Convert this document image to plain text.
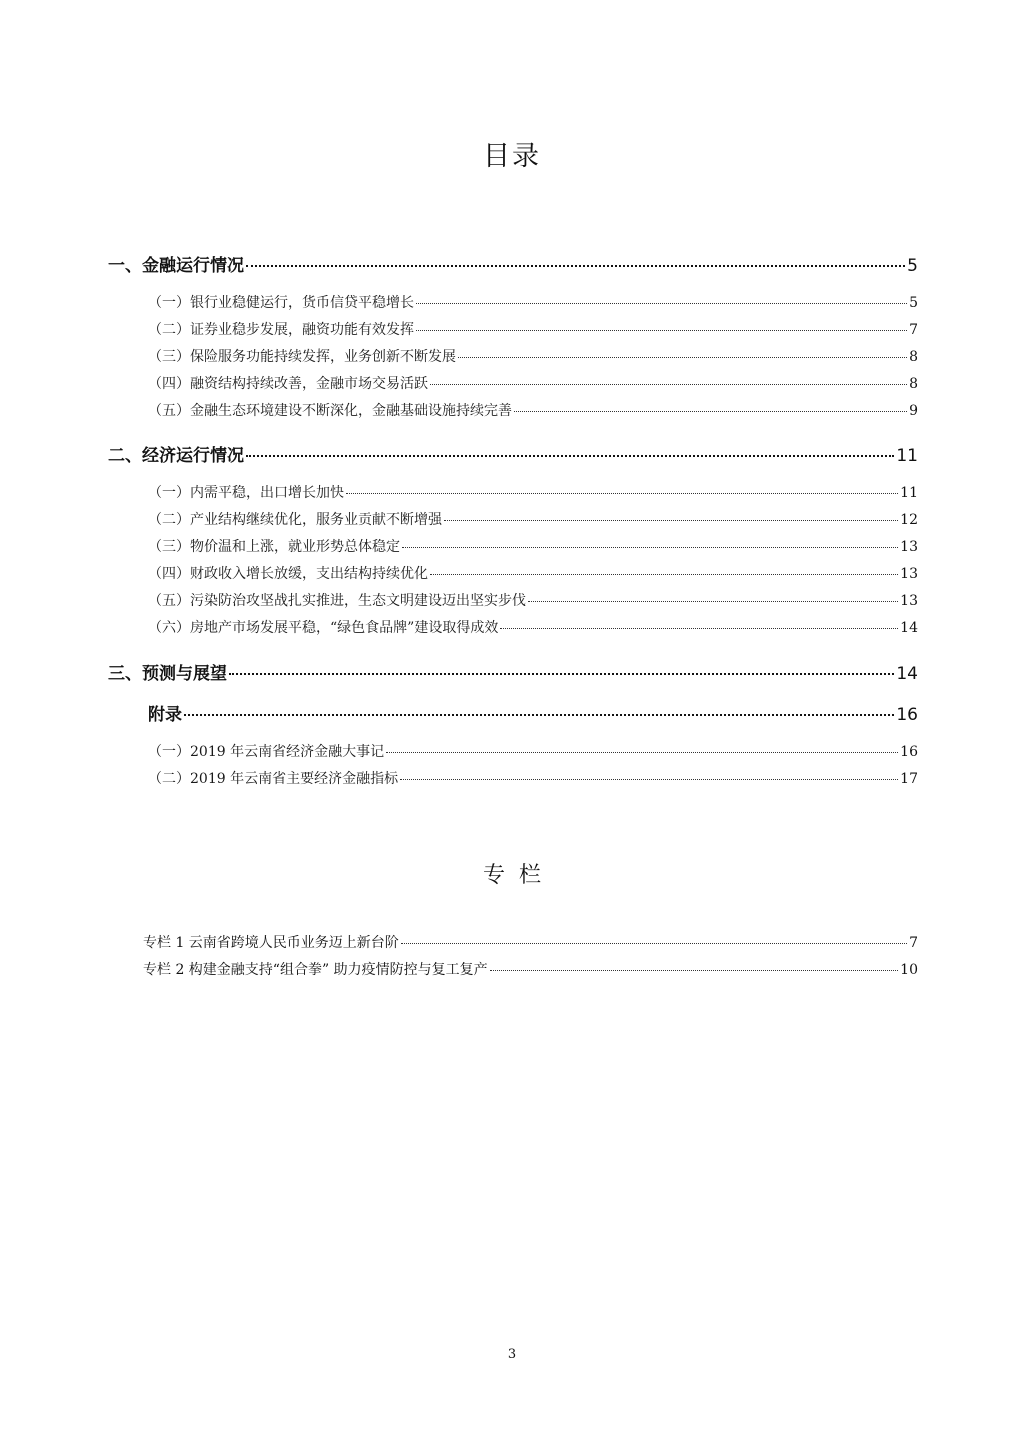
目录
一、金融运行情况	5
（一）银行业稳健运行，货币信贷平稳增长	5
（二）证券业稳步发展，融资功能有效发挥	7
（三）保险服务功能持续发挥，业务创新不断发展	8
（四）融资结构持续改善，金融市场交易活跃	8
（五）金融生态环境建设不断深化，金融基础设施持续完善	9
二、经济运行情况	11
（一）内需平稳，出口增长加快	11
（二）产业结构继续优化，服务业贡献不断增强	12
（三）物价温和上涨，就业形势总体稳定	13
（四）财政收入增长放缓，支出结构持续优化	13
（五）污染防治攻坚战扎实推进，生态文明建设迈出坚实步伐	13
（六）房地产市场发展平稳，“绿色食品牌”建设取得成效	14
三、预测与展望	14
附录	16
（一）2019 年云南省经济金融大事记	16
（二）2019 年云南省主要经济金融指标	17
专栏
专栏 1 云南省跨境人民币业务迈上新台阶	7
专栏 2 构建金融支持“组合拳” 助力疫情防控与复工复产	10
3
